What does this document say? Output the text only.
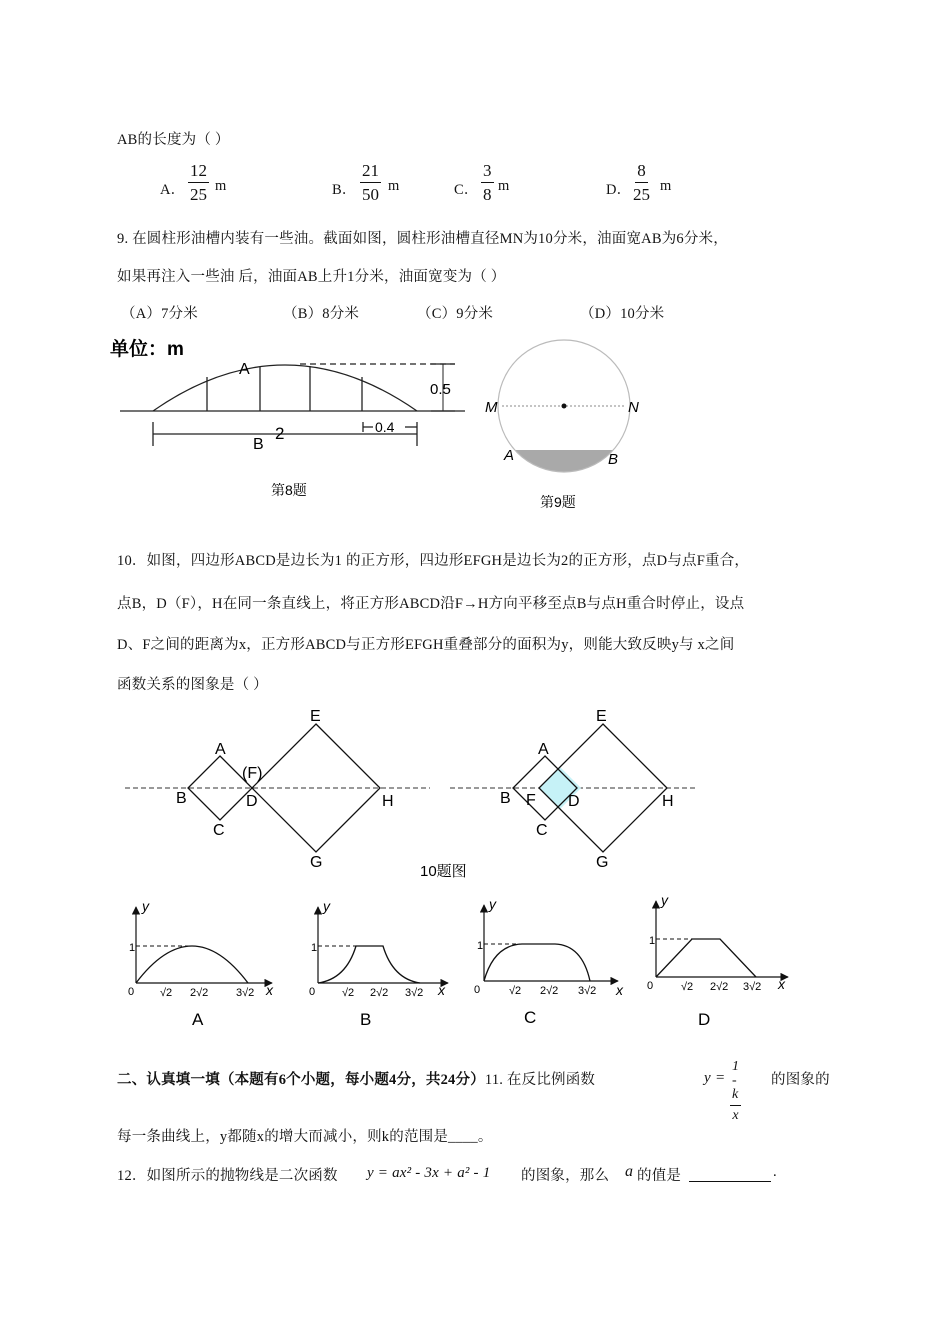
AB的长度为（ ）
A． $\frac{12}{25}$ m	B． $\frac{21}{50}$ m	C． $\frac{3}{8}$ m	D． $\frac{8}{25}$ m
9. 在圆柱形油槽内装有一些油。截面如图，圆柱形油槽直径MN为10分米，油面宽AB为6分米，
如果再注入一些油 后，油面AB上升1分米，油面宽变为（ ）
（A）7分米	（B）8分米	（C）9分米	（D）10分米
单位：m
0.5
A
2	0.4
B
第8题
M	N
A	B
第9题
10．如图，四边形ABCD是边长为1 的正方形，四边形EFGH是边长为2的正方形，点D与点F重合，
点B，D（F），H在同一条直线上，将正方形ABCD沿F→H方向平移至点B与点H重合时停止，设点
D、F之间的距离为x，正方形ABCD与正方形EFGH重叠部分的面积为y，则能大致反映y与 x之间
函数关系的图象是（ ）
A
B
C
D
(F)
E
G
H
A
B
C
D
F
E
G
H
10题图
y
1
0 √2 2√2	3√2 x
A
y
1
0 √2 2√2 3√2 x
B
y
1
0	√2 2√2 3√2 x
C
y
1
0	√2 2√2 3√2 x
D
二、认真填一填（本题有6个小题，每小题4分，共24分）11. 在反比例函数	$y = \frac{1 - k}{x}$ 的图象的
每一条曲线上，y都随x的增大而减小，则k的范围是____。
12．如图所示的抛物线是二次函数 y = ax² - 3x + a² - 1 的图象，那么 a 的值是	.
